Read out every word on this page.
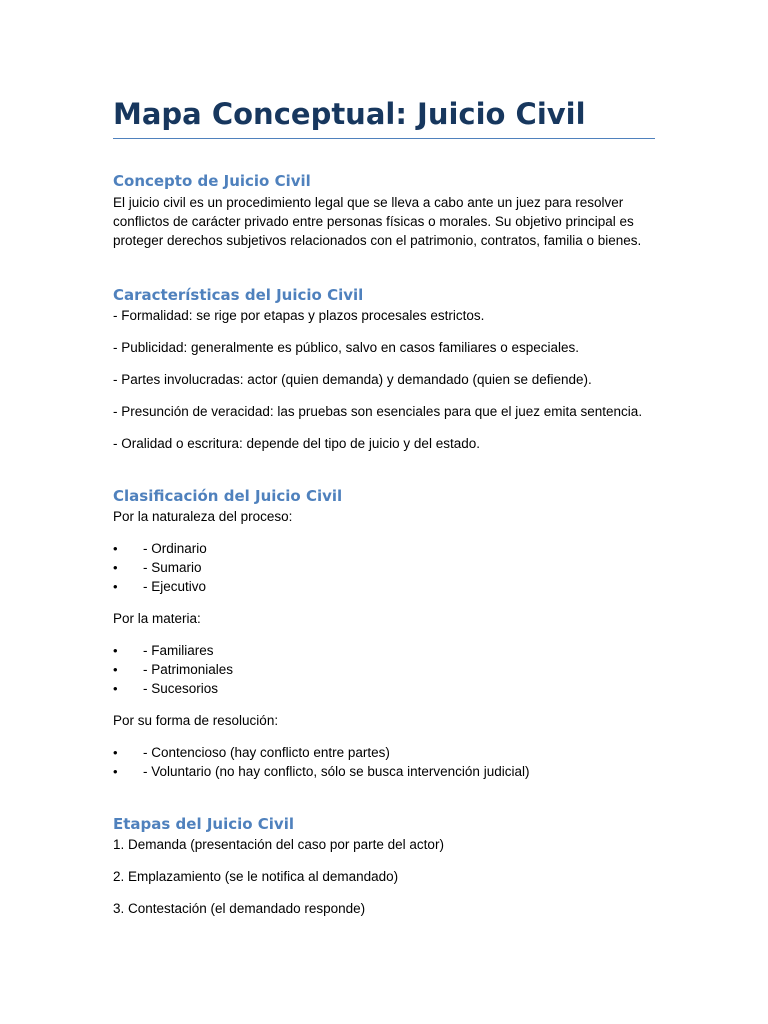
Mapa Conceptual: Juicio Civil
Concepto de Juicio Civil

El juicio civil es un procedimiento legal que se lleva a cabo ante un juez para resolver conflictos de carácter privado entre personas físicas o morales. Su objetivo principal es proteger derechos subjetivos relacionados con el patrimonio, contratos, familia o bienes.

Características del Juicio Civil

- Formalidad: se rige por etapas y plazos procesales estrictos.

- Publicidad: generalmente es público, salvo en casos familiares o especiales.

- Partes involucradas: actor (quien demanda) y demandado (quien se defiende).

- Presunción de veracidad: las pruebas son esenciales para que el juez emita sentencia.

- Oralidad o escritura: depende del tipo de juicio y del estado.

Clasificación del Juicio Civil

Por la naturaleza del proceso:

• - Ordinario
• - Sumario
• - Ejecutivo

Por la materia:

• - Familiares
• - Patrimoniales
• - Sucesorios

Por su forma de resolución:

• - Contencioso (hay conflicto entre partes)
• - Voluntario (no hay conflicto, sólo se busca intervención judicial)
Etapas del Juicio Civil

1. Demanda (presentación del caso por parte del actor)

2. Emplazamiento (se le notifica al demandado)

3. Contestación (el demandado responde)
